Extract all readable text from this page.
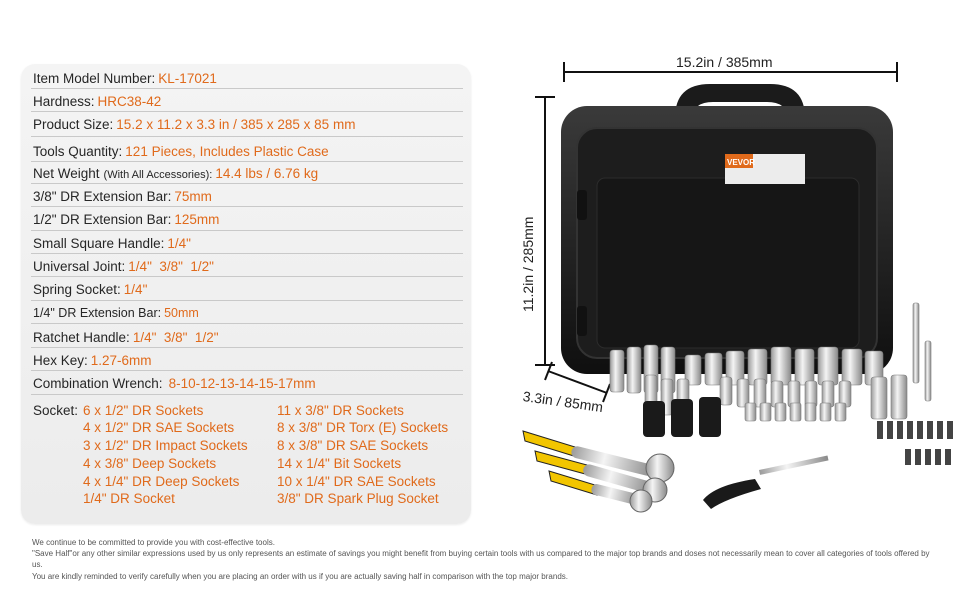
Item Model Number: KL-17021
Hardness: HRC38-42
Product Size: 15.2 x 11.2 x 3.3 in / 385 x 285 x 85 mm
Tools Quantity: 121 Pieces, Includes Plastic Case
Net Weight (With All Accessories): 14.4 lbs / 6.76 kg
3/8" DR Extension Bar: 75mm
1/2" DR Extension Bar: 125mm
Small Square Handle: 1/4"
Universal Joint: 1/4"  3/8"  1/2"
Spring Socket: 1/4"
1/4" DR Extension Bar: 50mm
Ratchet Handle: 1/4"  3/8"  1/2"
Hex Key: 1.27-6mm
Combination Wrench: 8-10-12-13-14-15-17mm
Socket: 6 x 1/2" DR Sockets
4 x 1/2" DR SAE Sockets
3 x 1/2" DR Impact Sockets
4 x 3/8" Deep Sockets
4 x 1/4" DR Deep Sockets
1/4" DR Socket
11 x 3/8" DR Sockets
8 x 3/8" DR Torx (E) Sockets
8 x 3/8" DR SAE Sockets
14 x 1/4" Bit Sockets
10 x 1/4" DR SAE Sockets
3/8" DR Spark Plug Socket
15.2in / 385mm
11.2in / 285mm
3.3in / 85mm
VEVOR
We continue to be committed to provide you with cost-effective tools.
"Save Half"or any other similar expressions used by us only represents an estimate of savings you might benefit from buying certain tools with us compared to the major top brands and doses not necessarily mean to cover all categories of tools offered by us.
You are kindly reminded to verify carefully when you are placing an order with us if you are actually saving half in comparison with the top major brands.
